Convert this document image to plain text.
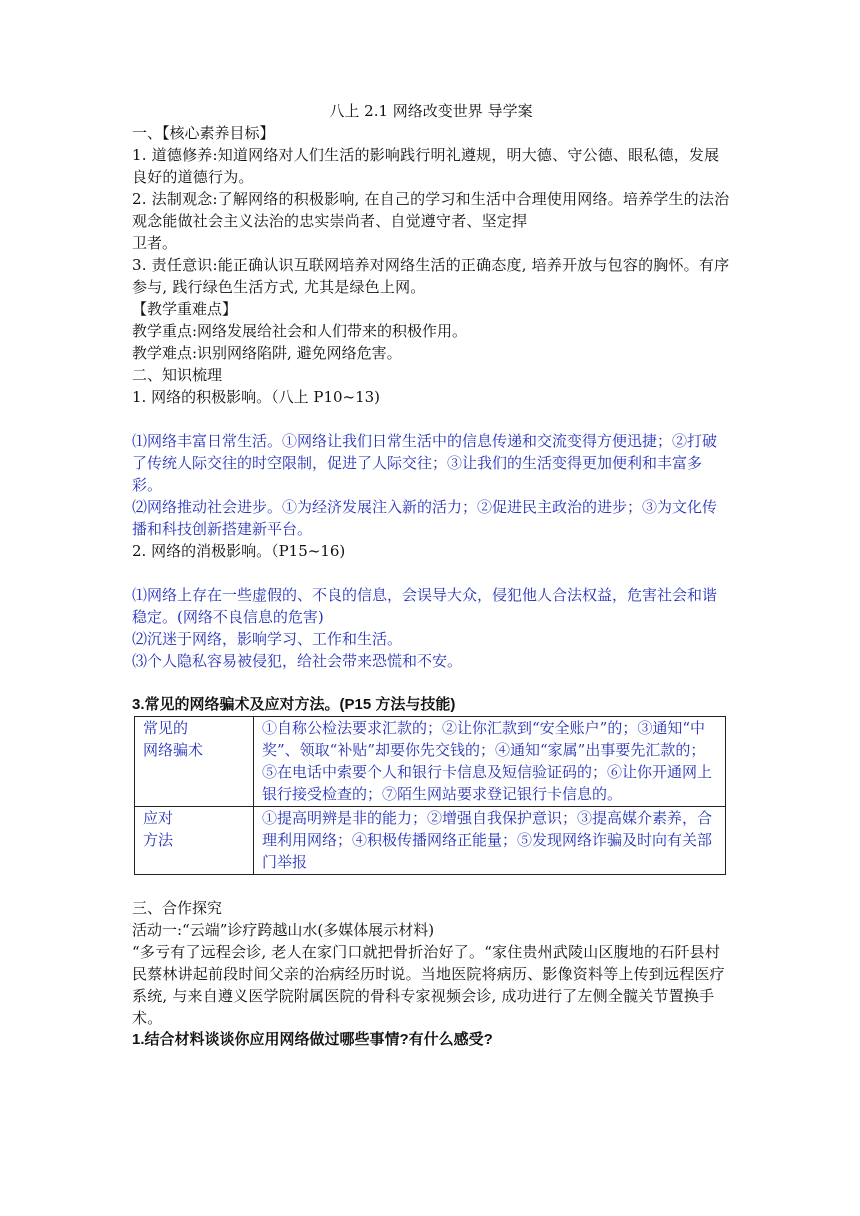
八上 2.1 网络改变世界 导学案
一、【核心素养目标】
1. 道德修养:知道网络对人们生活的影响践行明礼遵规，明大德、守公德、眼私德，发展良好的道德行为。
2. 法制观念:了解网络的积极影响, 在自己的学习和生活中合理使用网络。培养学生的法治观念能做社会主义法治的忠实崇尚者、自觉遵守者、坚定捍
卫者。
3. 责任意识:能正确认识互联网培养对网络生活的正确态度, 培养开放与包容的胸怀。有序参与, 践行绿色生活方式, 尤其是绿色上网。
【教学重难点】
教学重点:网络发展给社会和人们带来的积极作用。
教学难点:识别网络陷阱, 避免网络危害。
二、知识梳理
1. 网络的积极影响。（八上 P10~13)
⑴网络丰富日常生活。①网络让我们日常生活中的信息传递和交流变得方便迅捷；②打破了传统人际交往的时空限制，促进了人际交往；③让我们的生活变得更加便利和丰富多彩。
⑵网络推动社会进步。①为经济发展注入新的活力；②促进民主政治的进步；③为文化传播和科技创新搭建新平台。
2. 网络的消极影响。（P15~16)
⑴网络上存在一些虚假的、不良的信息，会误导大众，侵犯他人合法权益，危害社会和谐稳定。(网络不良信息的危害)
⑵沉迷于网络，影响学习、工作和生活。
⑶个人隐私容易被侵犯，给社会带来恐慌和不安。
3.常见的网络骗术及应对方法。(P15 方法与技能)
常见的
网络骗术	①自称公检法要求汇款的；②让你汇款到“安全账户”的；③通知“中奖”、领取“补贴”却要你先交钱的；④通知“家属”出事要先汇款的；⑤在电话中索要个人和银行卡信息及短信验证码的；⑥让你开通网上银行接受检查的；⑦陌生网站要求登记银行卡信息的。
应对
方法	①提高明辨是非的能力；②增强自我保护意识；③提高媒介素养，合理利用网络；④积极传播网络正能量；⑤发现网络诈骗及时向有关部门举报
三、合作探究
活动一:“云端”诊疗跨越山水(多媒体展示材料)
“多亏有了远程会诊, 老人在家门口就把骨折治好了。“家住贵州武陵山区腹地的石阡县村民蔡林讲起前段时间父亲的治病经历时说。当地医院将病历、影像资料等上传到远程医疗系统, 与来自遵义医学院附属医院的骨科专家视频会诊, 成功进行了左侧全髋关节置换手术。
1.结合材料谈谈你应用网络做过哪些事情?有什么感受?
